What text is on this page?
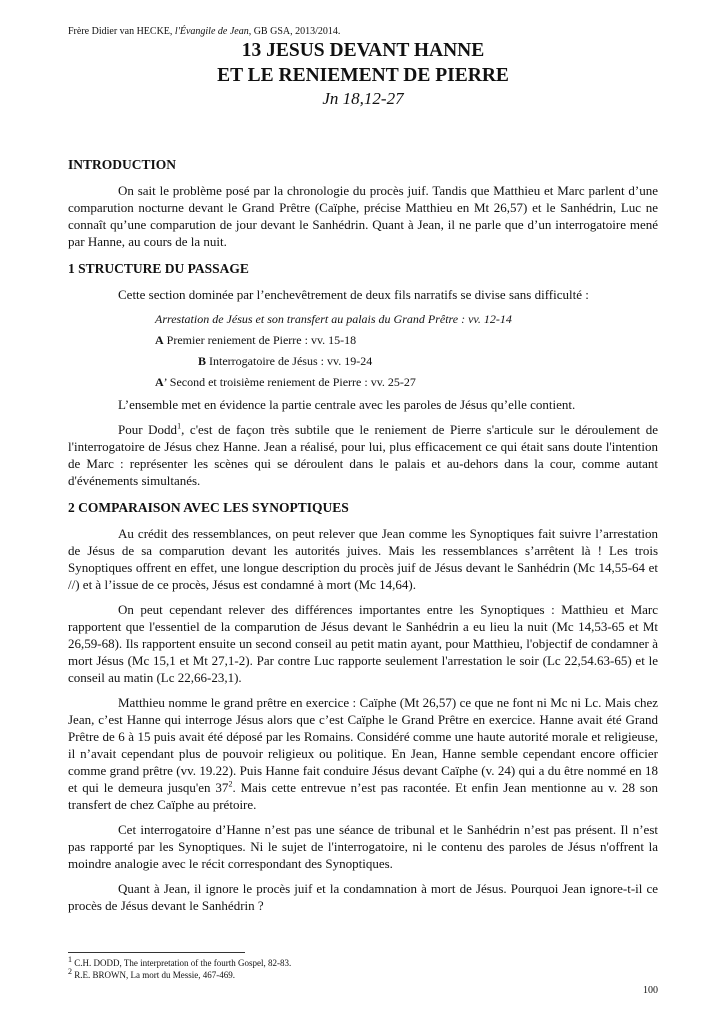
Frère Didier van HECKE, l'Évangile de Jean, GB GSA, 2013/2014.
13 JESUS DEVANT HANNE
ET LE RENIEMENT DE PIERRE
Jn 18,12-27
INTRODUCTION

On sait le problème posé par la chronologie du procès juif. Tandis que Matthieu et Marc parlent d’une comparution nocturne devant le Grand Prêtre (Caïphe, précise Matthieu en Mt 26,57) et le Sanhédrin, Luc ne connaît qu’une comparution de jour devant le Sanhédrin. Quant à Jean, il ne parle que d’un interrogatoire mené par Hanne, au cours de la nuit.

1 STRUCTURE DU PASSAGE

Cette section dominée par l’enchevêtrement de deux fils narratifs se divise sans difficulté :

Arrestation de Jésus et son transfert au palais du Grand Prêtre : vv. 12-14
A Premier reniement de Pierre : vv. 15-18
B Interrogatoire de Jésus : vv. 19-24
A’ Second et troisième reniement de Pierre : vv. 25-27

L’ensemble met en évidence la partie centrale avec les paroles de Jésus qu’elle contient.

Pour Dodd$^1$, c'est de façon très subtile que le reniement de Pierre s'articule sur le déroulement de l'interrogatoire de Jésus chez Hanne. Jean a réalisé, pour lui, plus efficacement ce qui était sans doute l'intention de Marc : représenter les scènes qui se déroulent dans le palais et au-dehors dans la cour, comme autant d'événements simultanés.

2 COMPARAISON AVEC LES SYNOPTIQUES

Au crédit des ressemblances, on peut relever que Jean comme les Synoptiques fait suivre l’arrestation de Jésus de sa comparution devant les autorités juives. Mais les ressemblances s’arrêtent là ! Les trois Synoptiques offrent en effet, une longue description du procès juif de Jésus devant le Sanhédrin (Mc 14,55-64 et //) et à l’issue de ce procès, Jésus est condamné à mort (Mc 14,64).

On peut cependant relever des différences importantes entre les Synoptiques : Matthieu et Marc rapportent que l'essentiel de la comparution de Jésus devant le Sanhédrin a eu lieu la nuit (Mc 14,53-65 et Mt 26,59-68). Ils rapportent ensuite un second conseil au petit matin ayant, pour Matthieu, l'objectif de condamner à mort Jésus (Mc 15,1 et Mt 27,1-2). Par contre Luc rapporte seulement l'arrestation le soir (Lc 22,54.63-65) et le conseil au matin (Lc 22,66-23,1).

Matthieu nomme le grand prêtre en exercice : Caïphe (Mt 26,57) ce que ne font ni Mc ni Lc. Mais chez Jean, c’est Hanne qui interroge Jésus alors que c’est Caïphe le Grand Prêtre en exercice. Hanne avait été Grand Prêtre de 6 à 15 puis avait été déposé par les Romains. Considéré comme une haute autorité morale et religieuse, il n’avait cependant plus de pouvoir religieux ou politique. En Jean, Hanne semble cependant encore officier comme grand prêtre (vv. 19.22). Puis Hanne fait conduire Jésus devant Caïphe (v. 24) qui a du être nommé en 18 et qui le demeura jusqu'en $37^2$. Mais cette entrevue n’est pas racontée. Et enfin Jean mentionne au v. 28 son transfert de chez Caïphe au prétoire.

Cet interrogatoire d’Hanne n’est pas une séance de tribunal et le Sanhédrin n’est pas présent. Il n’est pas rapporté par les Synoptiques. Ni le sujet de l'interrogatoire, ni le contenu des paroles de Jésus n'offrent la moindre analogie avec le récit correspondant des Synoptiques.

Quant à Jean, il ignore le procès juif et la condamnation à mort de Jésus. Pourquoi Jean ignore-t-il ce procès de Jésus devant le Sanhédrin ?

$^1$ C.H. DODD, The interpretation of the fourth Gospel, 82-83.
$^2$ R.E. BROWN, La mort du Messie, 467-469.
100
